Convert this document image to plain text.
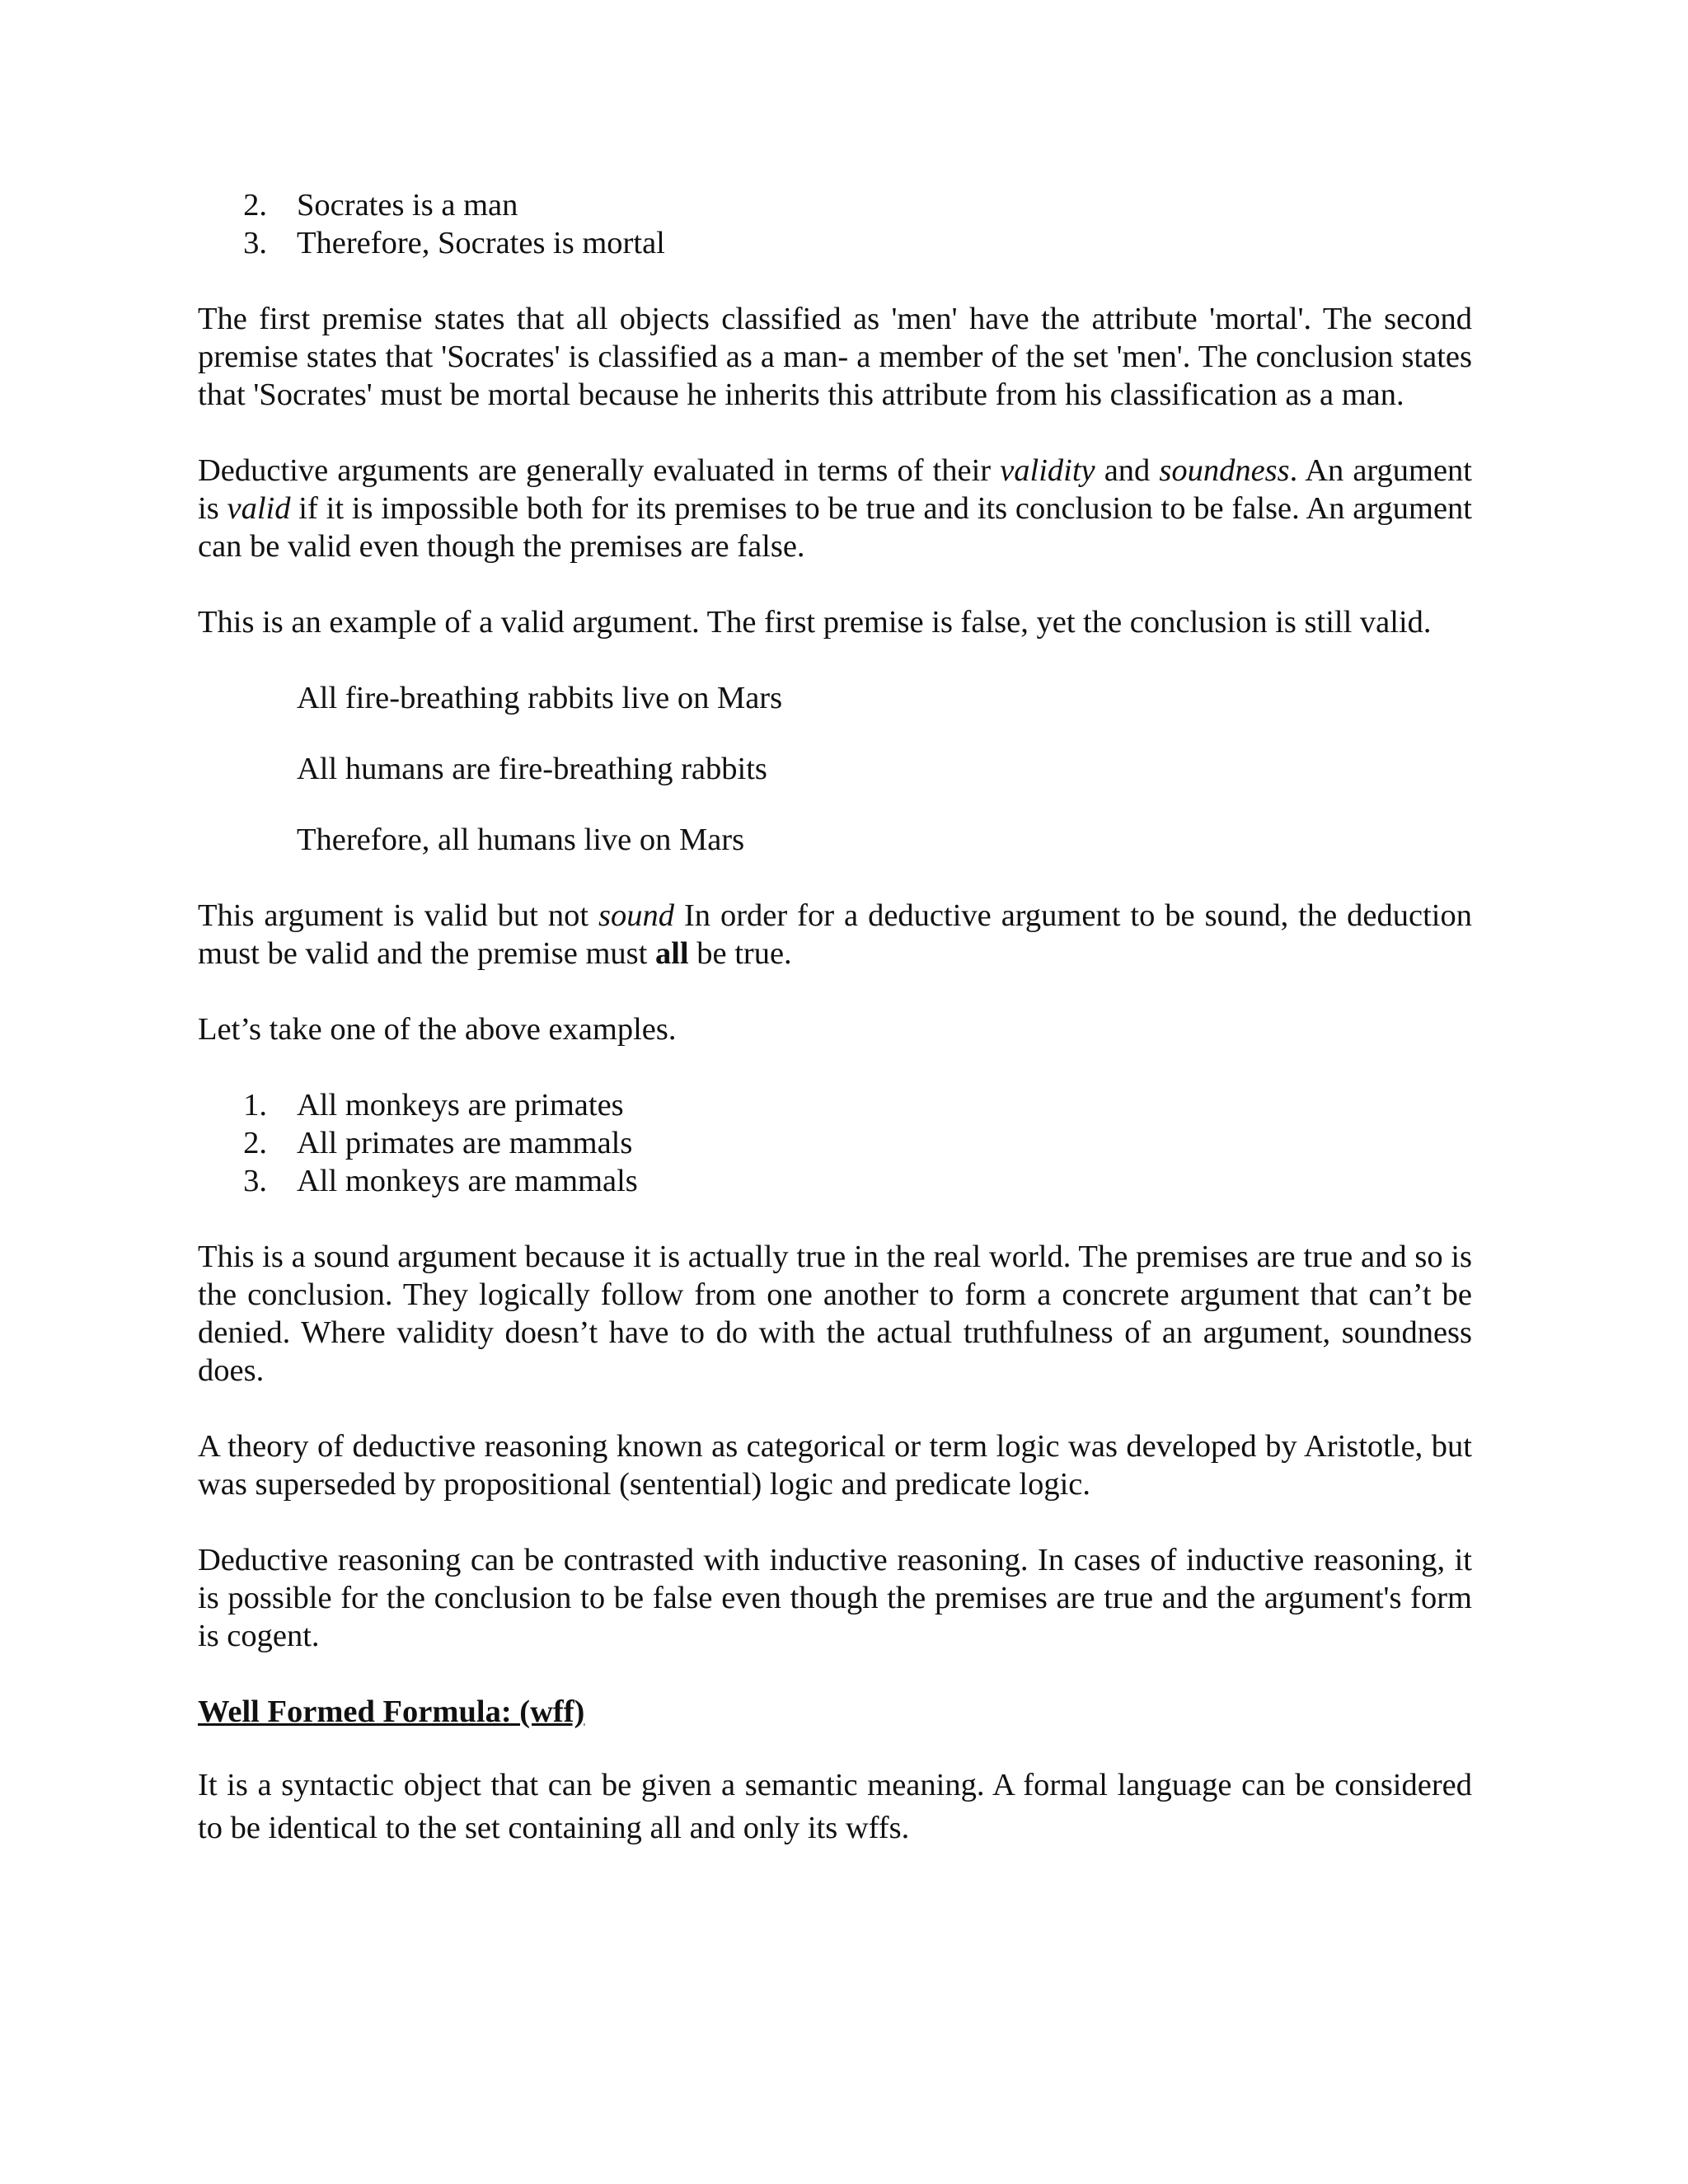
2. Socrates is a man
3. Therefore, Socrates is mortal

The first premise states that all objects classified as 'men' have the attribute 'mortal'. The second premise states that 'Socrates' is classified as a man- a member of the set 'men'. The conclusion states that 'Socrates' must be mortal because he inherits this attribute from his classification as a man.

Deductive arguments are generally evaluated in terms of their validity and soundness. An argument is valid if it is impossible both for its premises to be true and its conclusion to be false. An argument can be valid even though the premises are false.

This is an example of a valid argument. The first premise is false, yet the conclusion is still valid.

All fire-breathing rabbits live on Mars

All humans are fire-breathing rabbits

Therefore, all humans live on Mars

This argument is valid but not sound In order for a deductive argument to be sound, the deduction must be valid and the premise must all be true.

Let’s take one of the above examples.

1. All monkeys are primates
2. All primates are mammals
3. All monkeys are mammals

This is a sound argument because it is actually true in the real world. The premises are true and so is the conclusion. They logically follow from one another to form a concrete argument that can’t be denied. Where validity doesn’t have to do with the actual truthfulness of an argument, soundness does.

A theory of deductive reasoning known as categorical or term logic was developed by Aristotle, but was superseded by propositional (sentential) logic and predicate logic.

Deductive reasoning can be contrasted with inductive reasoning. In cases of inductive reasoning, it is possible for the conclusion to be false even though the premises are true and the argument's form is cogent.

Well Formed Formula: (wff)

It is a syntactic object that can be given a semantic meaning. A formal language can be considered to be identical to the set containing all and only its wffs.
